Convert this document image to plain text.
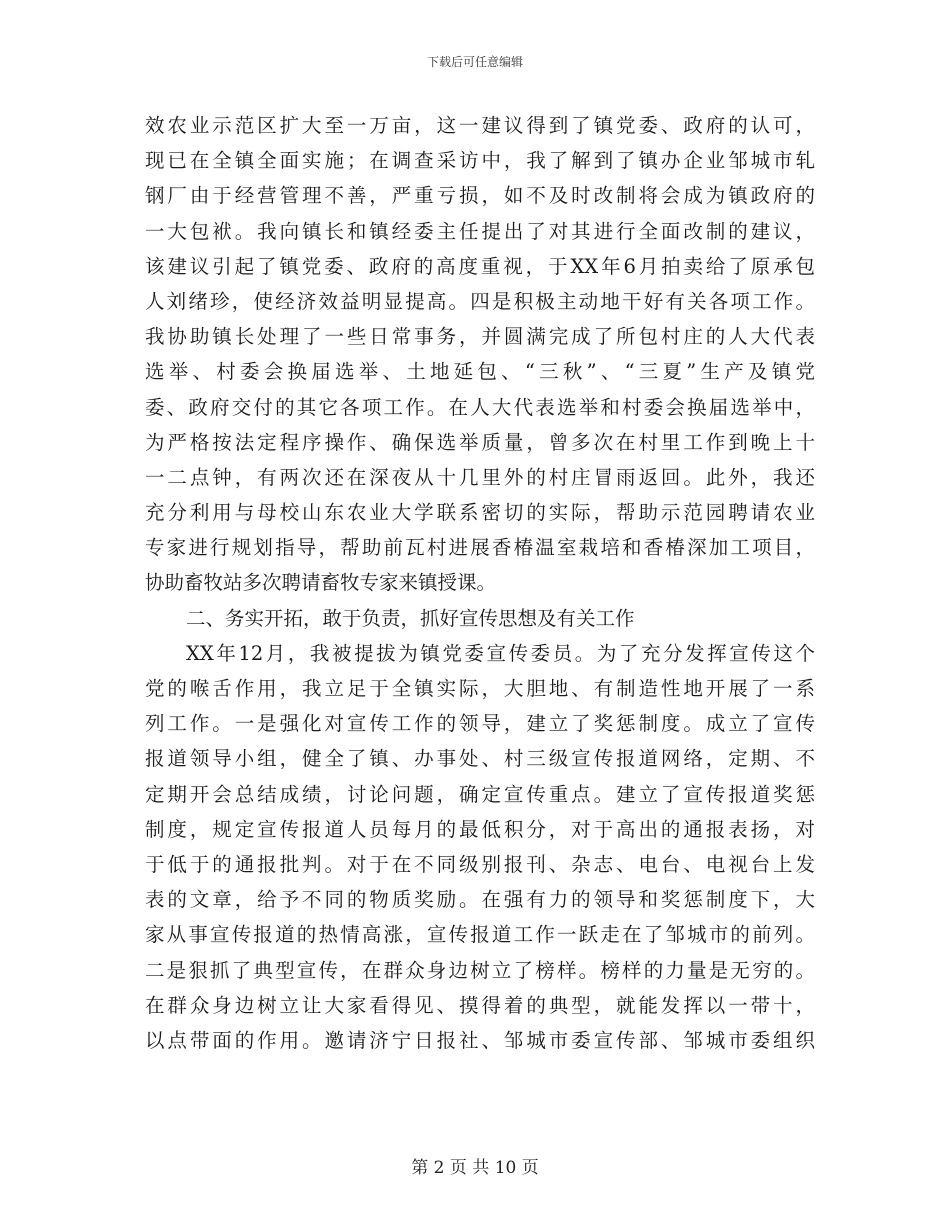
下载后可任意编辑
效农业示范区扩大至一万亩，这一建议得到了镇党委、政府的认可，
现已在全镇全面实施；在调查采访中，我了解到了镇办企业邹城市轧
钢厂由于经营管理不善，严重亏损，如不及时改制将会成为镇政府的
一大包袱。我向镇长和镇经委主任提出了对其进行全面改制的建议，
该建议引起了镇党委、政府的高度重视，于XX年6月拍卖给了原承包
人刘绪珍，使经济效益明显提高。四是积极主动地干好有关各项工作。
我协助镇长处理了一些日常事务，并圆满完成了所包村庄的人大代表
选举、村委会换届选举、土地延包、“三秋”、“三夏”生产及镇党
委、政府交付的其它各项工作。在人大代表选举和村委会换届选举中，
为严格按法定程序操作、确保选举质量，曾多次在村里工作到晚上十
一二点钟，有两次还在深夜从十几里外的村庄冒雨返回。此外，我还
充分利用与母校山东农业大学联系密切的实际，帮助示范园聘请农业
专家进行规划指导，帮助前瓦村进展香椿温室栽培和香椿深加工项目，
协助畜牧站多次聘请畜牧专家来镇授课。
二、务实开拓，敢于负责，抓好宣传思想及有关工作
XX年12月，我被提拔为镇党委宣传委员。为了充分发挥宣传这个
党的喉舌作用，我立足于全镇实际，大胆地、有制造性地开展了一系
列工作。一是强化对宣传工作的领导，建立了奖惩制度。成立了宣传
报道领导小组，健全了镇、办事处、村三级宣传报道网络，定期、不
定期开会总结成绩，讨论问题，确定宣传重点。建立了宣传报道奖惩
制度，规定宣传报道人员每月的最低积分，对于高出的通报表扬，对
于低于的通报批判。对于在不同级别报刊、杂志、电台、电视台上发
表的文章，给予不同的物质奖励。在强有力的领导和奖惩制度下，大
家从事宣传报道的热情高涨，宣传报道工作一跃走在了邹城市的前列。
二是狠抓了典型宣传，在群众身边树立了榜样。榜样的力量是无穷的。
在群众身边树立让大家看得见、摸得着的典型，就能发挥以一带十，
以点带面的作用。邀请济宁日报社、邹城市委宣传部、邹城市委组织
第 2 页 共 10 页
